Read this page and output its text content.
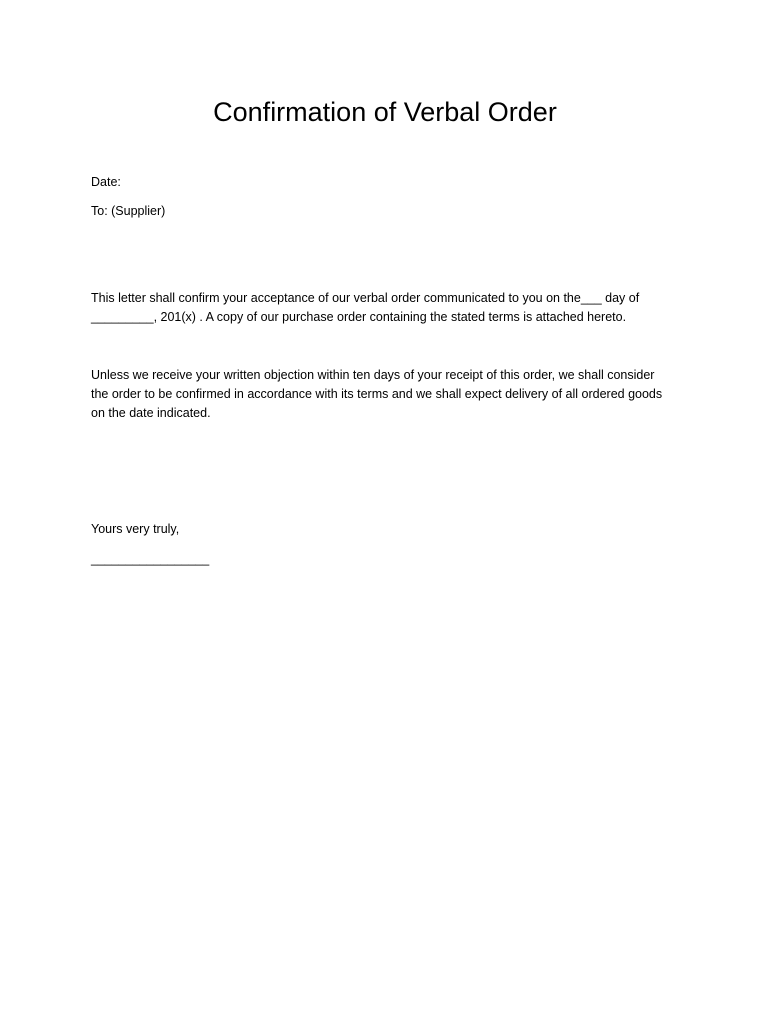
Confirmation of Verbal Order
Date:
To: (Supplier)
This letter shall confirm your acceptance of our verbal order communicated to you on the___ day of
_________, 201(x) . A copy of our purchase order containing the stated terms is attached hereto.
Unless we receive your written objection within ten days of your receipt of this order, we shall consider
the order to be confirmed in accordance with its terms and we shall expect delivery of all ordered goods
on the date indicated.
Yours very truly,
_________________
